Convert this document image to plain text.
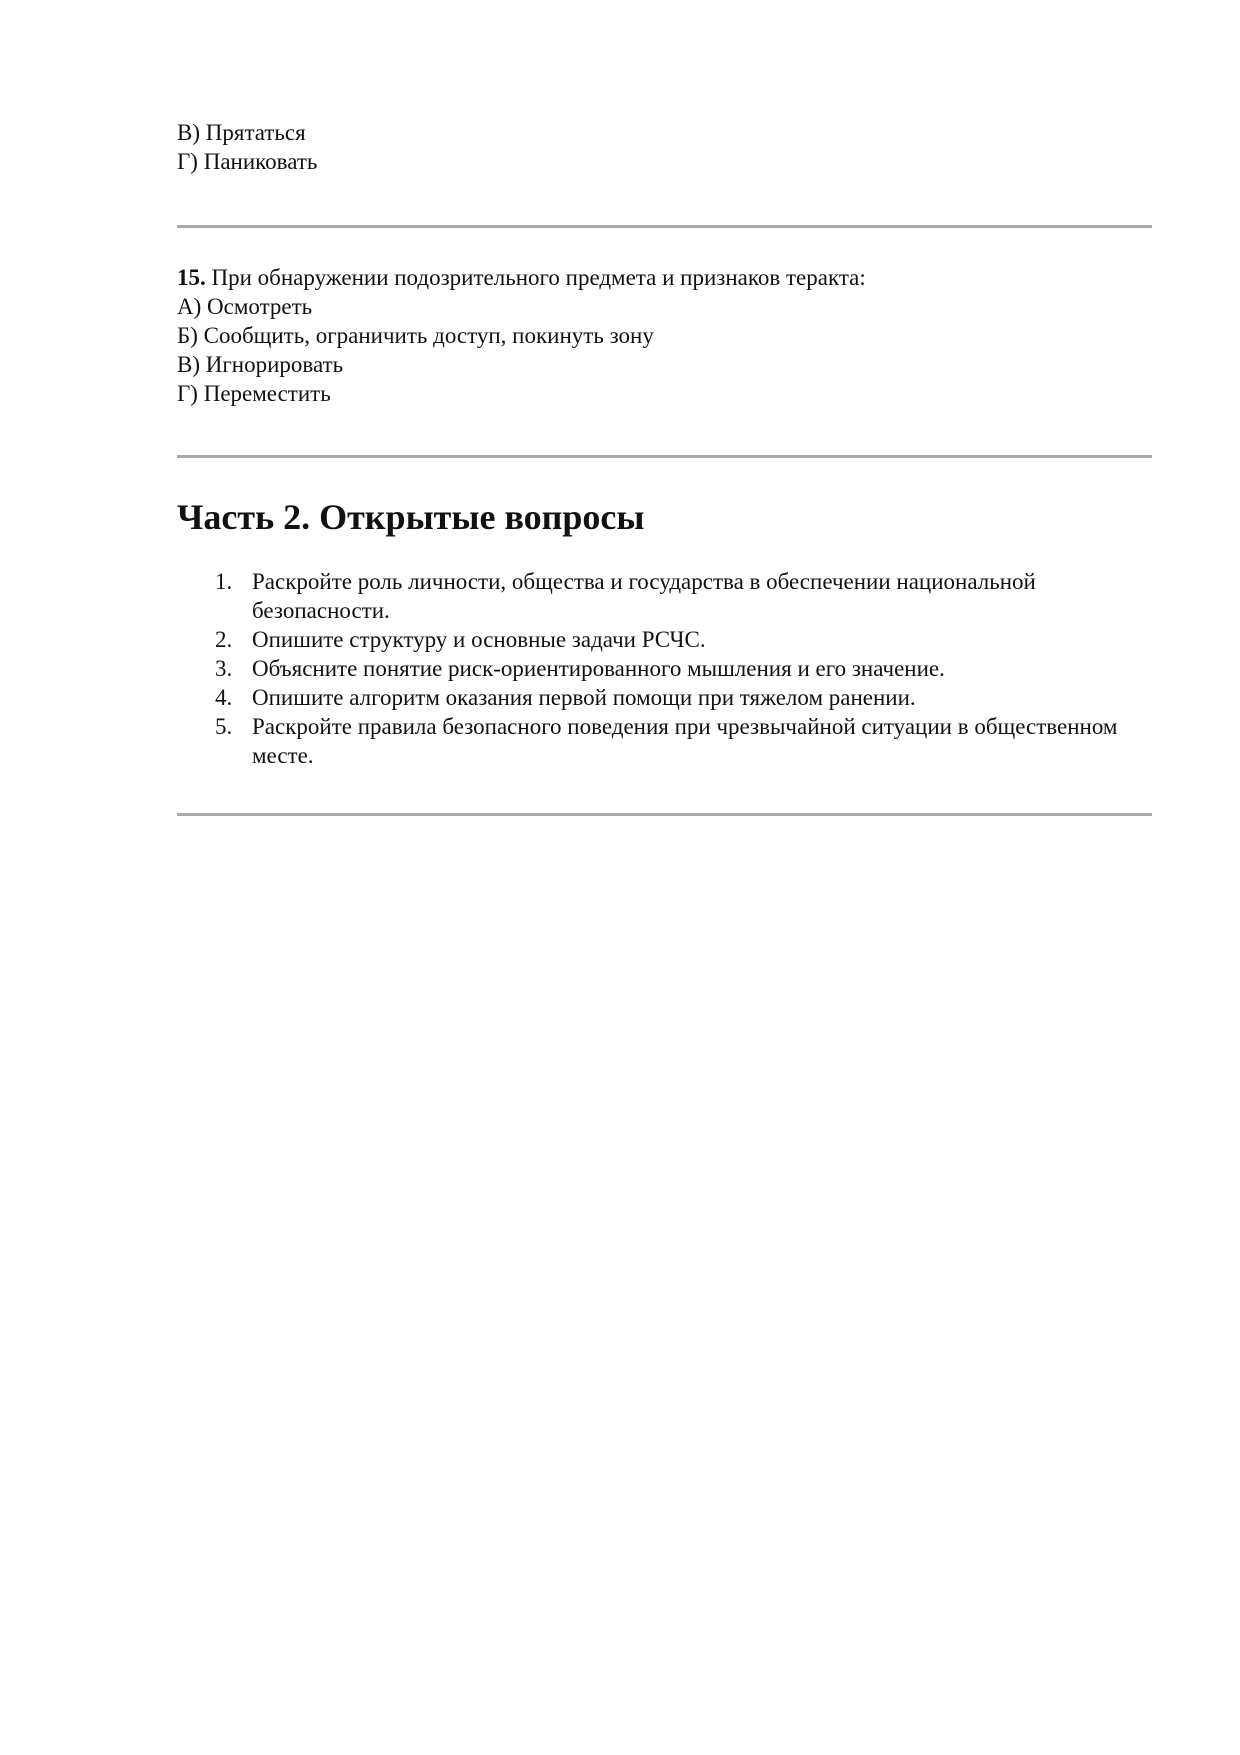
В) Прятаться
Г) Паниковать
15. При обнаружении подозрительного предмета и признаков теракта:
А) Осмотреть
Б) Сообщить, ограничить доступ, покинуть зону
В) Игнорировать
Г) Переместить
Часть 2. Открытые вопросы
1. Раскройте роль личности, общества и государства в обеспечении национальной безопасности.
2. Опишите структуру и основные задачи РСЧС.
3. Объясните понятие риск-ориентированного мышления и его значение.
4. Опишите алгоритм оказания первой помощи при тяжелом ранении.
5. Раскройте правила безопасного поведения при чрезвычайной ситуации в общественном месте.
